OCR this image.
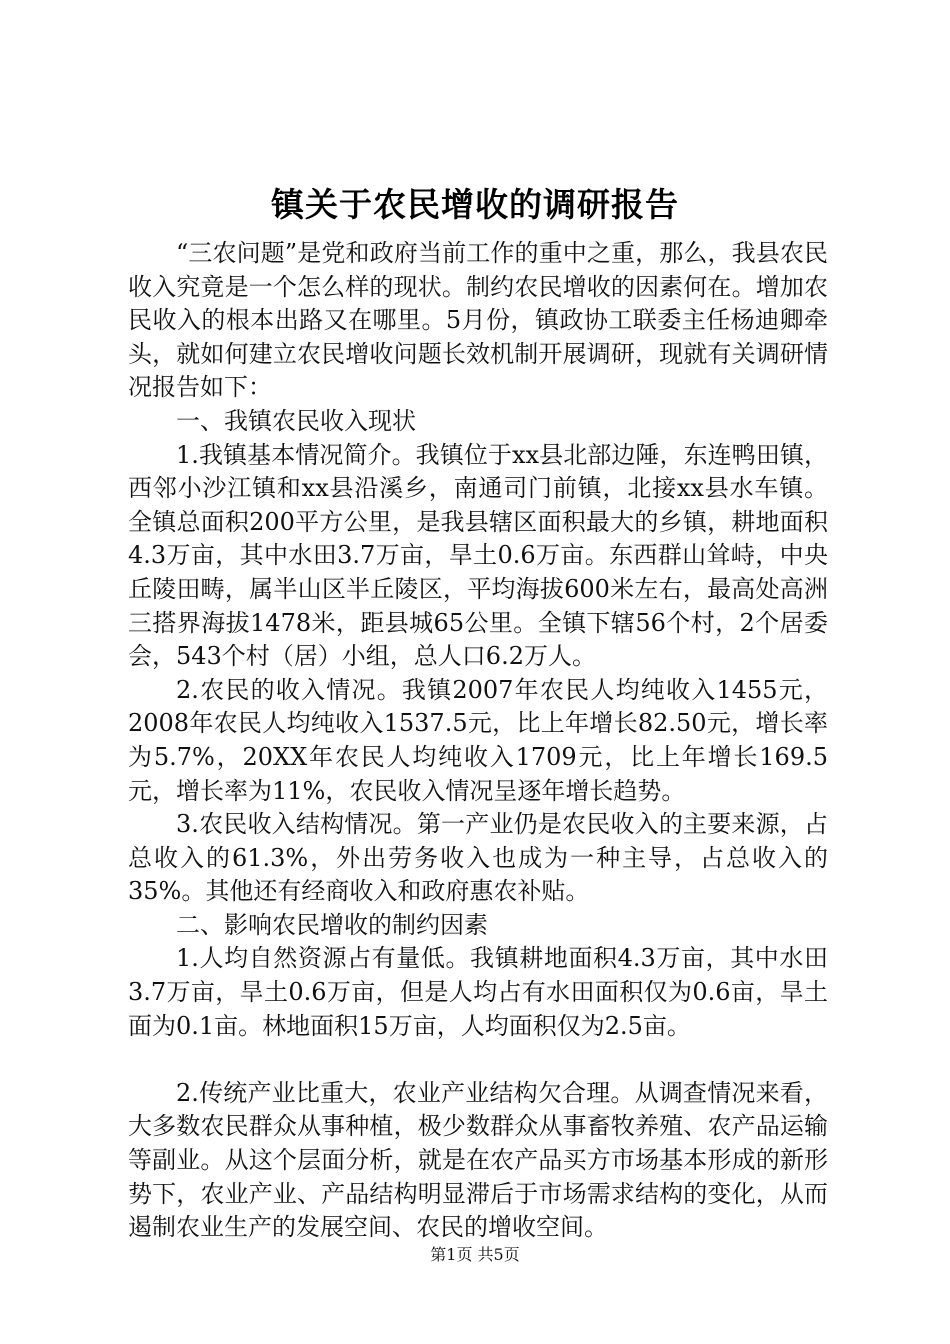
镇关于农民增收的调研报告

“三农问题”是党和政府当前工作的重中之重，那么，我县农民收入究竟是一个怎么样的现状。制约农民增收的因素何在。增加农民收入的根本出路又在哪里。5月份，镇政协工联委主任杨迪卿牵头，就如何建立农民增收问题长效机制开展调研，现就有关调研情况报告如下：

一、我镇农民收入现状

1.我镇基本情况简介。我镇位于xx县北部边陲，东连鸭田镇，西邻小沙江镇和xx县沿溪乡，南通司门前镇，北接xx县水车镇。全镇总面积200平方公里，是我县辖区面积最大的乡镇，耕地面积4.3万亩，其中水田3.7万亩，旱土0.6万亩。东西群山耸峙，中央丘陵田畴，属半山区半丘陵区，平均海拔600米左右，最高处高洲三搭界海拔1478米，距县城65公里。全镇下辖56个村，2个居委会，543个村（居）小组，总人口6.2万人。

2.农民的收入情况。我镇2007年农民人均纯收入1455元，2008年农民人均纯收入1537.5元，比上年增长82.50元，增长率为5.7%，20XX年农民人均纯收入1709元，比上年增长169.5元，增长率为11%，农民收入情况呈逐年增长趋势。

3.农民收入结构情况。第一产业仍是农民收入的主要来源，占总收入的61.3%，外出劳务收入也成为一种主导，占总收入的35%。其他还有经商收入和政府惠农补贴。

二、影响农民增收的制约因素

1.人均自然资源占有量低。我镇耕地面积4.3万亩，其中水田3.7万亩，旱土0.6万亩，但是人均占有水田面积仅为0.6亩，旱土面为0.1亩。林地面积15万亩，人均面积仅为2.5亩。

2.传统产业比重大，农业产业结构欠合理。从调查情况来看，大多数农民群众从事种植，极少数群众从事畜牧养殖、农产品运输等副业。从这个层面分析，就是在农产品买方市场基本形成的新形势下，农业产业、产品结构明显滞后于市场需求结构的变化，从而遏制农业生产的发展空间、农民的增收空间。

第1页 共5页
